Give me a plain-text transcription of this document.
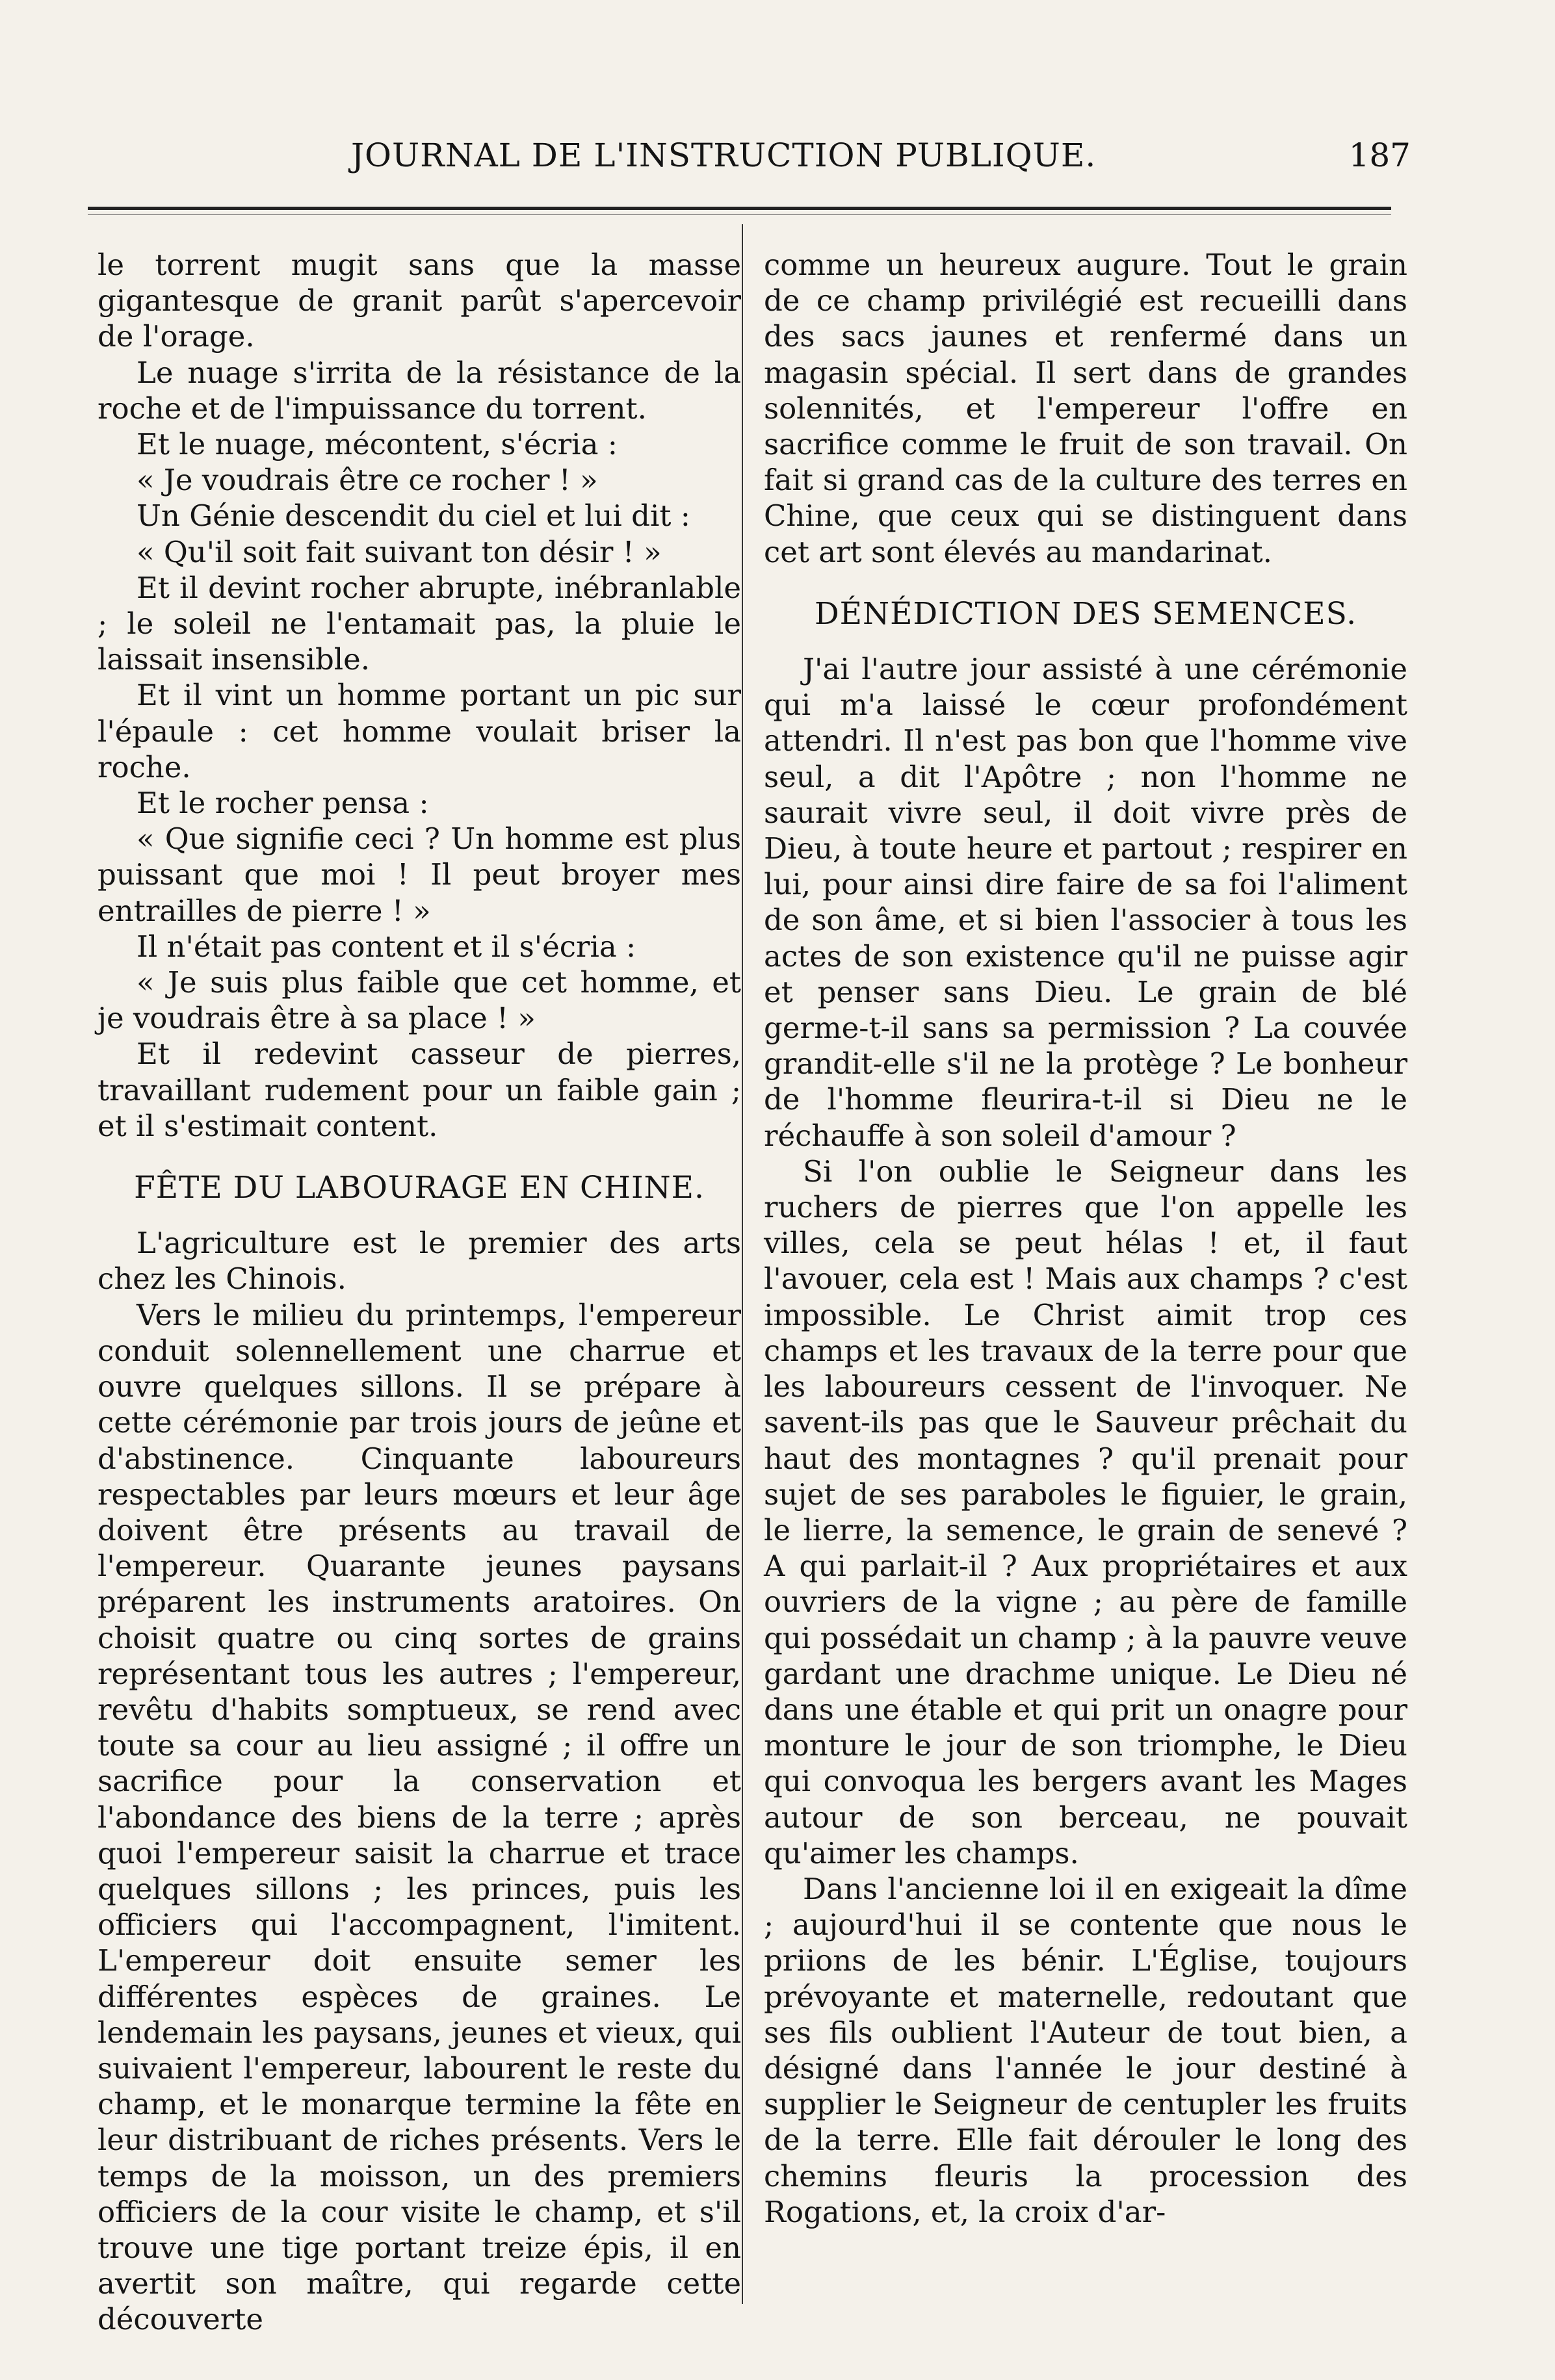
JOURNAL DE L'INSTRUCTION PUBLIQUE.	187

le torrent mugit sans que la masse gigantesque de granit parût s'apercevoir de l'orage.

Le nuage s'irrita de la résistance de la roche et de l'impuissance du torrent.

Et le nuage, mécontent, s'écria :

« Je voudrais être ce rocher ! »

Un Génie descendit du ciel et lui dit :

« Qu'il soit fait suivant ton désir ! »

Et il devint rocher abrupte, inébranlable ; le soleil ne l'entamait pas, la pluie le laissait insensible.

Et il vint un homme portant un pic sur l'épaule : cet homme voulait briser la roche.

Et le rocher pensa :

« Que signifie ceci ? Un homme est plus puissant que moi ! Il peut broyer mes entrailles de pierre ! »

Il n'était pas content et il s'écria :

« Je suis plus faible que cet homme, et je voudrais être à sa place ! »

Et il redevint casseur de pierres, travaillant rudement pour un faible gain ; et il s'estimait content.

FÊTE DU LABOURAGE EN CHINE.

L'agriculture est le premier des arts chez les Chinois.

Vers le milieu du printemps, l'empereur conduit solennellement une charrue et ouvre quelques sillons. Il se prépare à cette cérémonie par trois jours de jeûne et d'abstinence. Cinquante laboureurs respectables par leurs mœurs et leur âge doivent être présents au travail de l'empereur. Quarante jeunes paysans préparent les instruments aratoires. On choisit quatre ou cinq sortes de grains représentant tous les autres ; l'empereur, revêtu d'habits somptueux, se rend avec toute sa cour au lieu assigné ; il offre un sacrifice pour la conservation et l'abondance des biens de la terre ; après quoi l'empereur saisit la charrue et trace quelques sillons ; les princes, puis les officiers qui l'accompagnent, l'imitent. L'empereur doit ensuite semer les différentes espèces de graines. Le lendemain les paysans, jeunes et vieux, qui suivaient l'empereur, labourent le reste du champ, et le monarque termine la fête en leur distribuant de riches présents. Vers le temps de la moisson, un des premiers officiers de la cour visite le champ, et s'il trouve une tige portant treize épis, il en avertit son maître, qui regarde cette découverte

comme un heureux augure. Tout le grain de ce champ privilégié est recueilli dans des sacs jaunes et renfermé dans un magasin spécial. Il sert dans de grandes solennités, et l'empereur l'offre en sacrifice comme le fruit de son travail. On fait si grand cas de la culture des terres en Chine, que ceux qui se distinguent dans cet art sont élevés au mandarinat.

DÉNÉDICTION DES SEMENCES.

J'ai l'autre jour assisté à une cérémonie qui m'a laissé le cœur profondément attendri. Il n'est pas bon que l'homme vive seul, a dit l'Apôtre ; non l'homme ne saurait vivre seul, il doit vivre près de Dieu, à toute heure et partout ; respirer en lui, pour ainsi dire faire de sa foi l'aliment de son âme, et si bien l'associer à tous les actes de son existence qu'il ne puisse agir et penser sans Dieu. Le grain de blé germe-t-il sans sa permission ? La couvée grandit-elle s'il ne la protège ? Le bonheur de l'homme fleurira-t-il si Dieu ne le réchauffe à son soleil d'amour ?

Si l'on oublie le Seigneur dans les ruchers de pierres que l'on appelle les villes, cela se peut hélas ! et, il faut l'avouer, cela est ! Mais aux champs ? c'est impossible. Le Christ aimit trop ces champs et les travaux de la terre pour que les laboureurs cessent de l'invoquer. Ne savent-ils pas que le Sauveur prêchait du haut des montagnes ? qu'il prenait pour sujet de ses paraboles le figuier, le grain, le lierre, la semence, le grain de senevé ? A qui parlait-il ? Aux propriétaires et aux ouvriers de la vigne ; au père de famille qui possédait un champ ; à la pauvre veuve gardant une drachme unique. Le Dieu né dans une étable et qui prit un onagre pour monture le jour de son triomphe, le Dieu qui convoqua les bergers avant les Mages autour de son berceau, ne pouvait qu'aimer les champs.

Dans l'ancienne loi il en exigeait la dîme ; aujourd'hui il se contente que nous le priions de les bénir. L'Église, toujours prévoyante et maternelle, redoutant que ses fils oublient l'Auteur de tout bien, a désigné dans l'année le jour destiné à supplier le Seigneur de centupler les fruits de la terre. Elle fait dérouler le long des chemins fleuris la procession des Rogations, et, la croix d'ar-
